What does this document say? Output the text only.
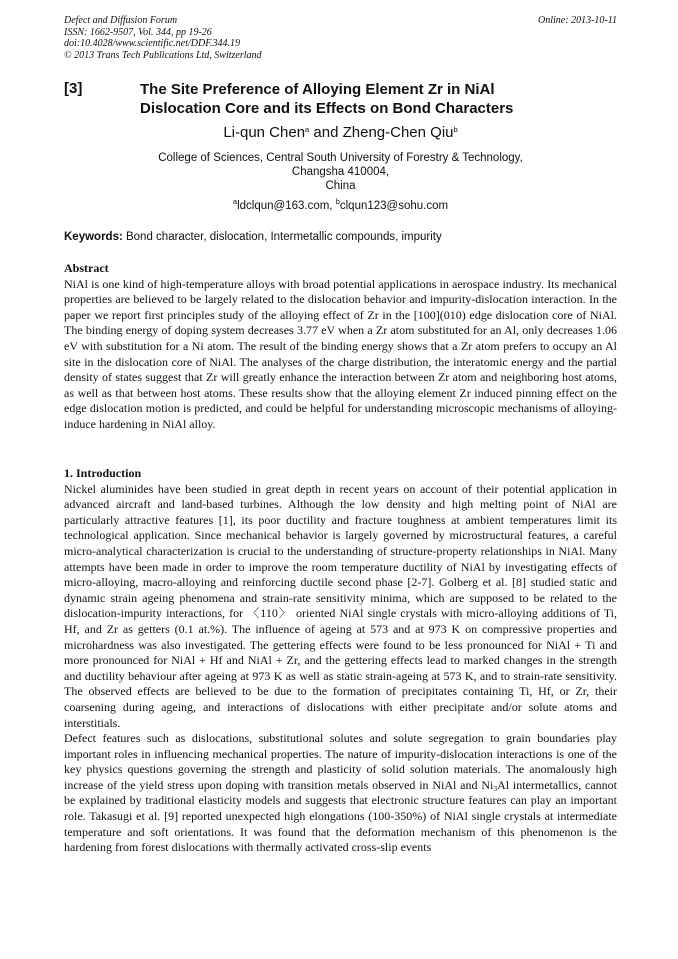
Defect and Diffusion Forum
ISSN: 1662-9507, Vol. 344, pp 19-26
doi:10.4028/www.scientific.net/DDF.344.19
© 2013 Trans Tech Publications Ltd, Switzerland
Online: 2013-10-11
[3]	The Site Preference of Alloying Element Zr in NiAl
Dislocation Core and its Effects on Bond Characters
Li-qun Chen$^a$ and Zheng-Chen Qiu$^b$
College of Sciences, Central South University of Forestry & Technology,
Changsha 410004,
China
$^a$ldclqun@163.com, $^b$clqun123@sohu.com
Keywords: Bond character, dislocation, Intermetallic compounds, impurity
Abstract

NiAl is one kind of high-temperature alloys with broad potential applications in aerospace industry. Its mechanical properties are believed to be largely related to the dislocation behavior and impurity-dislocation interaction. In the paper we report first principles study of the alloying effect of Zr in the [100](010) edge dislocation core of NiAl. The binding energy of doping system decreases 3.77 eV when a Zr atom substituted for an Al, only decreases 1.06 eV with substitution for a Ni atom. The result of the binding energy shows that a Zr atom prefers to occupy an Al site in the dislocation core of NiAl. The analyses of the charge distribution, the interatomic energy and the partial density of states suggest that Zr will greatly enhance the interaction between Zr atom and neighboring host atoms, as well as that between host atoms. These results show that the alloying element Zr induced pinning effect on the edge dislocation motion is predicted, and could be helpful for understanding microscopic mechanisms of alloying-induce hardening in NiAl alloy.

1. Introduction

Nickel aluminides have been studied in great depth in recent years on account of their potential application in advanced aircraft and land-based turbines. Although the low density and high melting point of NiAl are particularly attractive features [1], its poor ductility and fracture toughness at ambient temperatures limit its technological application. Since mechanical behavior is largely governed by microstructural features, a careful micro-analytical characterization is crucial to the understanding of structure-property relationships in NiAl. Many attempts have been made in order to improve the room temperature ductility of NiAl by investigating effects of micro-alloying, macro-alloying and reinforcing ductile second phase [2-7]. Golberg et al. [8] studied static and dynamic strain ageing phenomena and strain-rate sensitivity minima, which are supposed to be related to the dislocation-impurity interactions, for 〈110〉 oriented NiAl single crystals with micro-alloying additions of Ti, Hf, and Zr as getters (0.1 at.%). The influence of ageing at 573 and at 973 K on compressive properties and microhardness was also investigated. The gettering effects were found to be less pronounced for NiAl + Ti and more pronounced for NiAl + Hf and NiAl + Zr, and the gettering effects lead to marked changes in the strength and ductility behaviour after ageing at 973 K as well as static strain-ageing at 573 K, and to strain-rate sensitivity. The observed effects are believed to be due to the formation of precipitates containing Ti, Hf, or Zr, their coarsening during ageing, and interactions of dislocations with either precipitate and/or solute atoms and interstitials.

Defect features such as dislocations, substitutional solutes and solute segregation to grain boundaries play important roles in influencing mechanical properties. The nature of impurity-dislocation interactions is one of the key physics questions governing the strength and plasticity of solid solution materials. The anomalously high increase of the yield stress upon doping with transition metals observed in NiAl and $Ni_3Al$ intermetallics, cannot be explained by traditional elasticity models and suggests that electronic structure features can play an important role. Takasugi et al. [9] reported unexpected high elongations (100-350%) of NiAl single crystals at intermediate temperature and soft orientations. It was found that the deformation mechanism of this phenomenon is the hardening from forest dislocations with thermally activated cross-slip events
